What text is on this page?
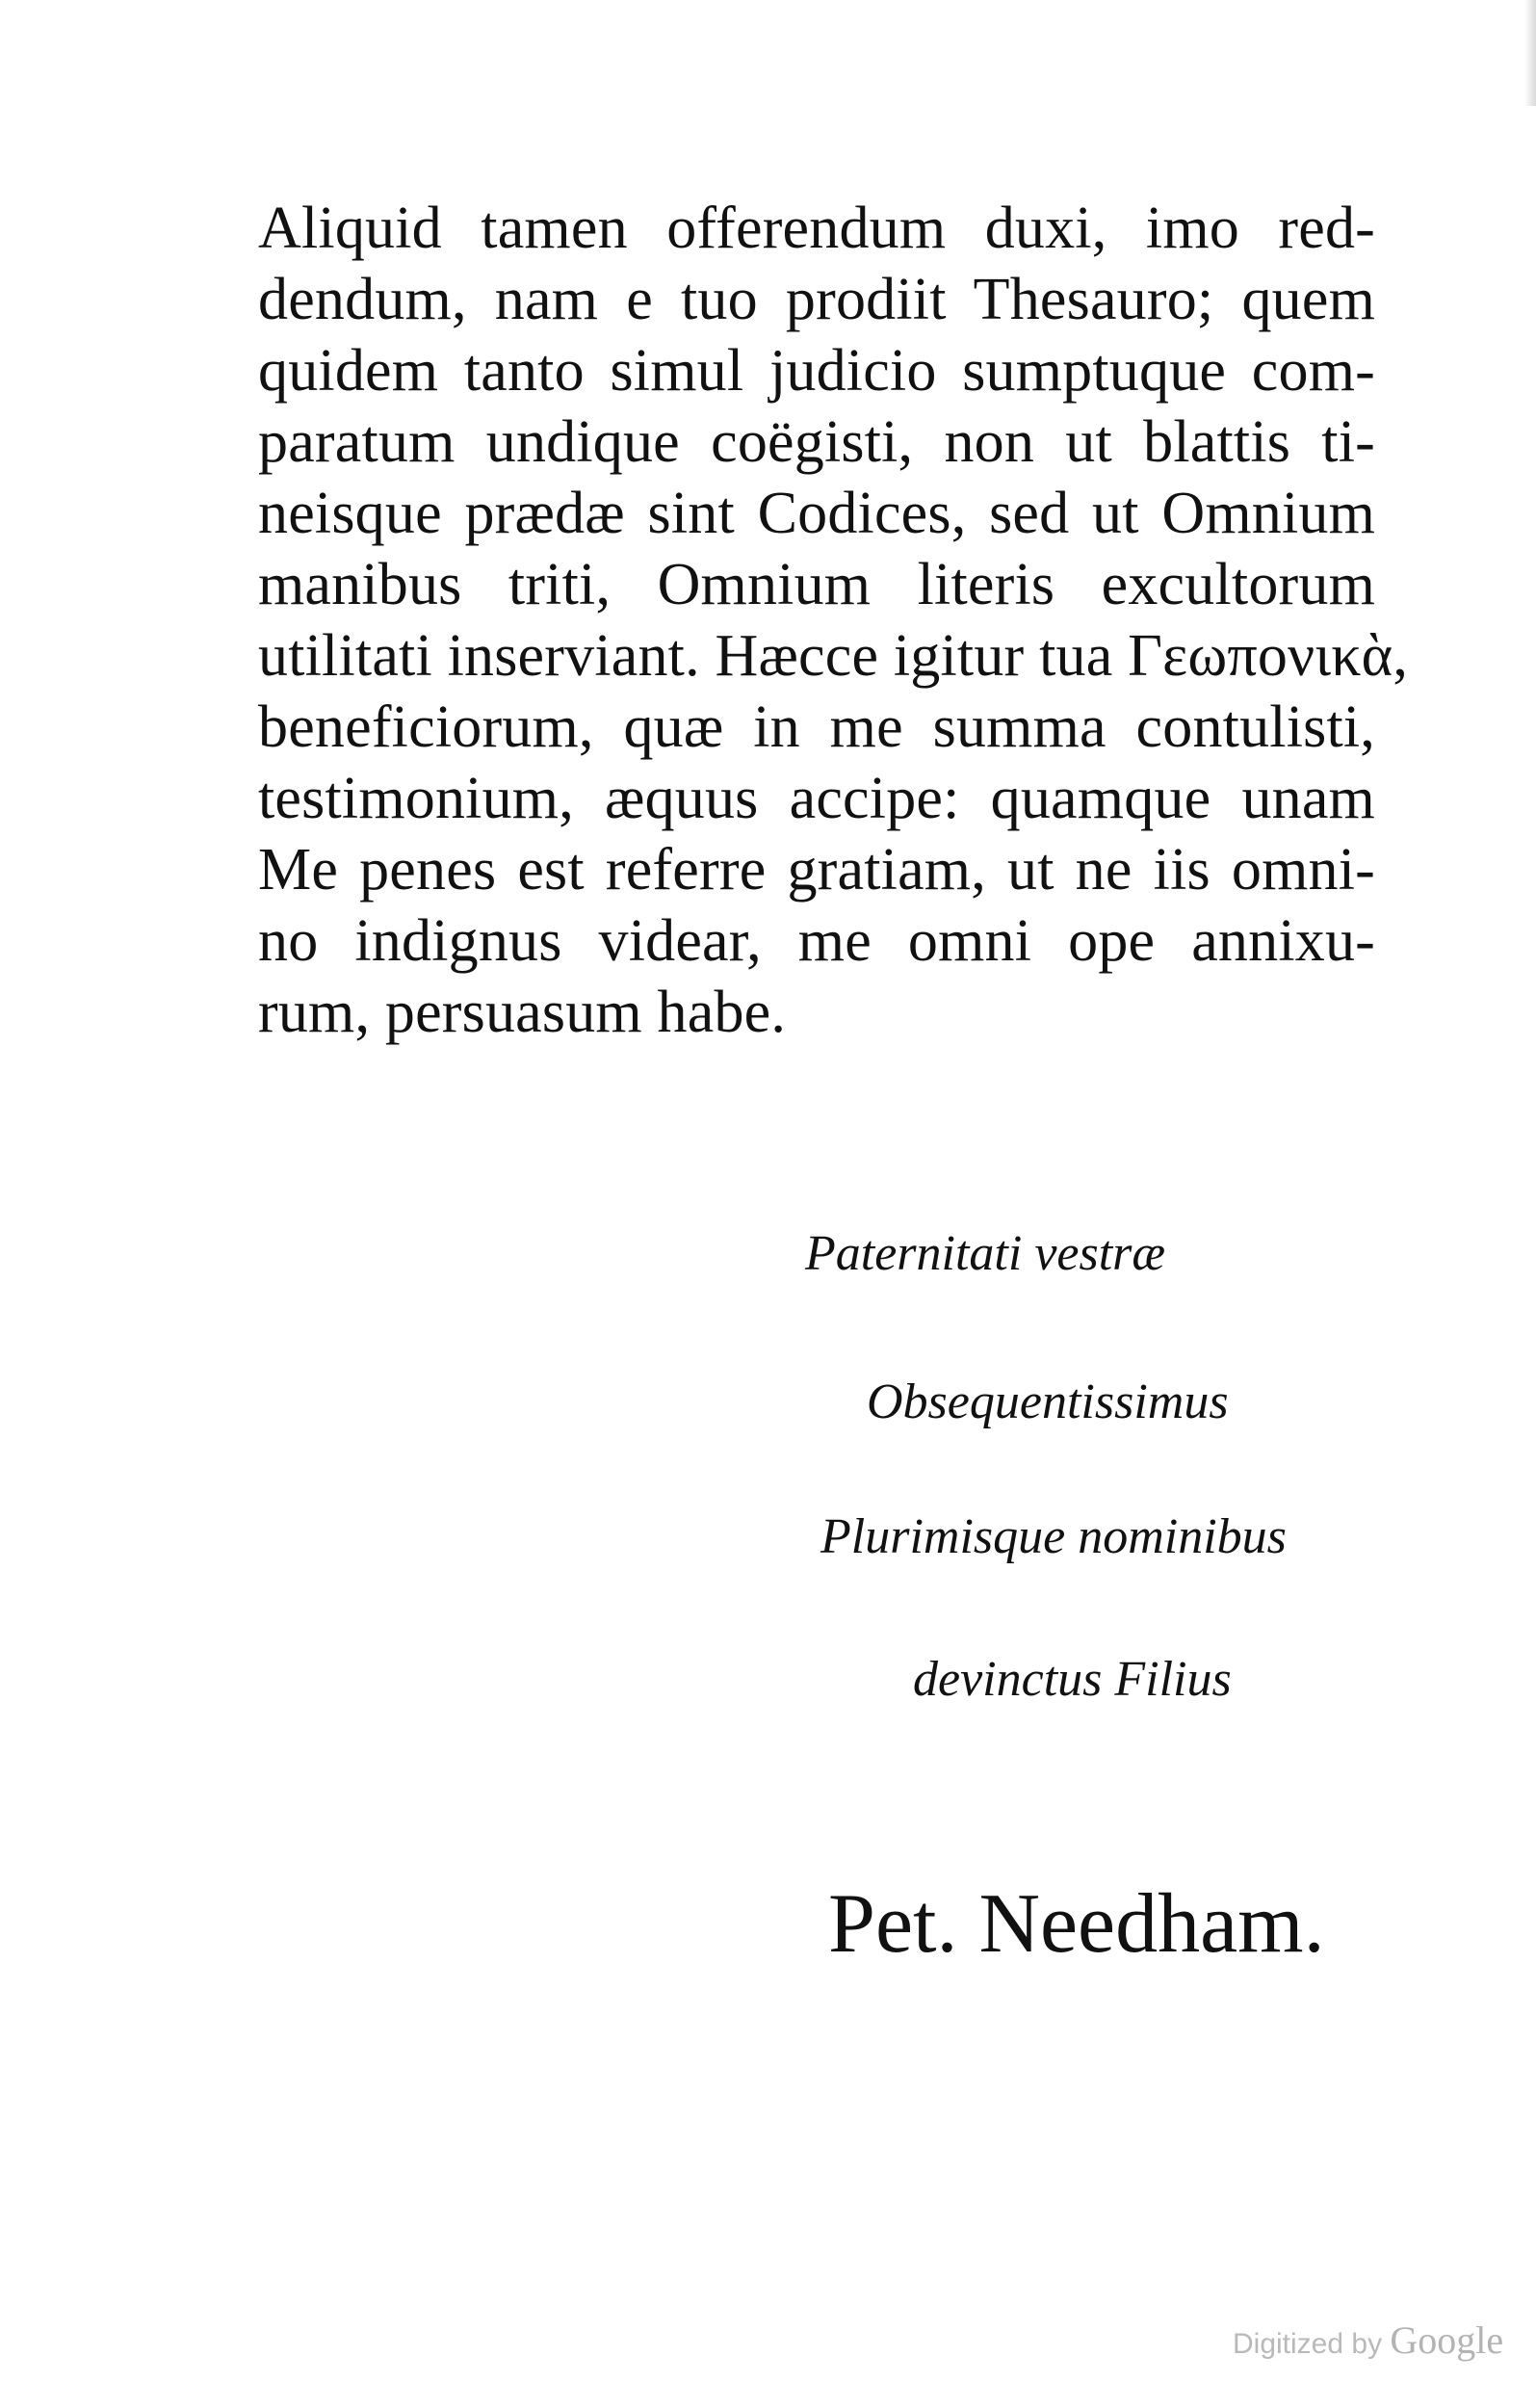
Aliquid tamen offerendum duxi, imo red-
dendum, nam e tuo prodiit Thesauro; quem
quidem tanto simul judicio sumptuque com-
paratum undique coëgisti, non ut blattis ti-
neisque prædæ sint Codices, sed ut Omnium
manibus triti, Omnium literis excultorum
utilitati inserviant. Hæcce igitur tua Γεωπονικὰ,
beneficiorum, quæ in me summa contulisti,
testimonium, æquus accipe: quamque unam
Me penes est referre gratiam, ut ne iis omni-
no indignus videar, me omni ope annixu-
rum, persuasum habe.
Paternitati vestræ
Obsequentissimus
Plurimisque nominibus
devinctus Filius
Pet. Needham.
Digitized by Google
